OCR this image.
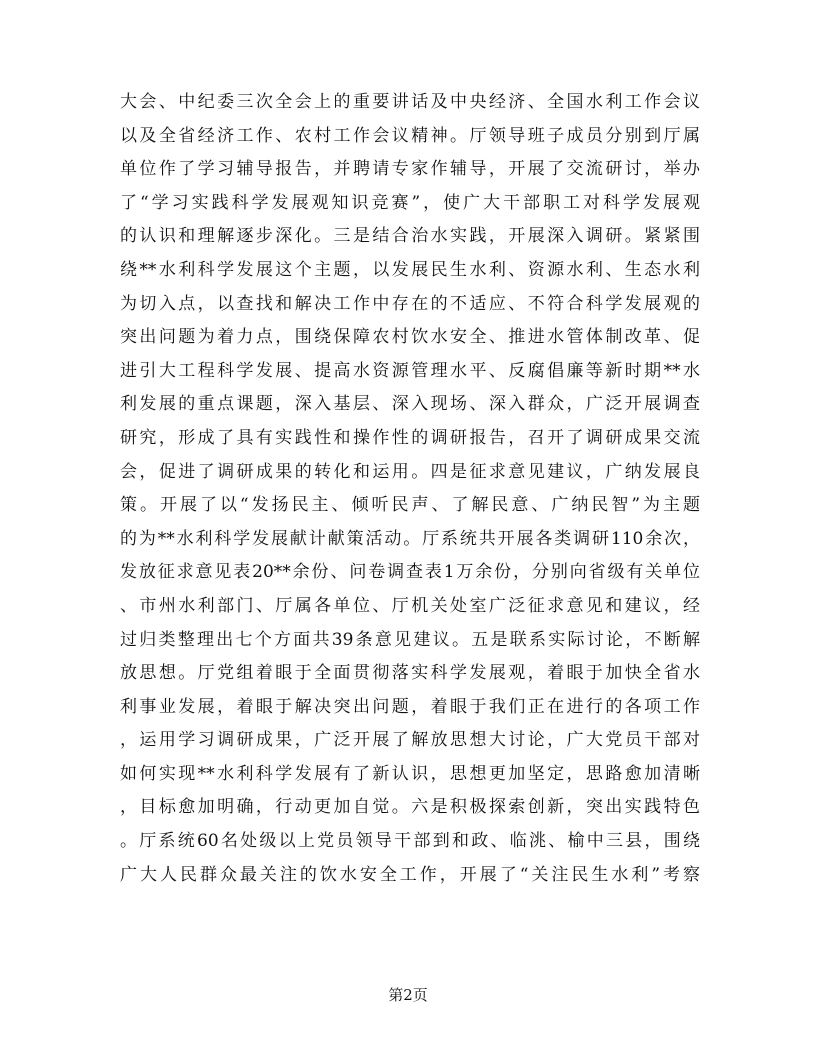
大会、中纪委三次全会上的重要讲话及中央经济、全国水利工作会议
以及全省经济工作、农村工作会议精神。厅领导班子成员分别到厅属
单位作了学习辅导报告，并聘请专家作辅导，开展了交流研讨，举办
了“学习实践科学发展观知识竞赛”，使广大干部职工对科学发展观
的认识和理解逐步深化。三是结合治水实践，开展深入调研。紧紧围
绕**水利科学发展这个主题，以发展民生水利、资源水利、生态水利
为切入点，以查找和解决工作中存在的不适应、不符合科学发展观的
突出问题为着力点，围绕保障农村饮水安全、推进水管体制改革、促
进引大工程科学发展、提高水资源管理水平、反腐倡廉等新时期**水
利发展的重点课题，深入基层、深入现场、深入群众，广泛开展调查
研究，形成了具有实践性和操作性的调研报告，召开了调研成果交流
会，促进了调研成果的转化和运用。四是征求意见建议，广纳发展良
策。开展了以“发扬民主、倾听民声、了解民意、广纳民智”为主题
的为**水利科学发展献计献策活动。厅系统共开展各类调研110余次，
发放征求意见表20**余份、问卷调查表1万余份，分别向省级有关单位
、市州水利部门、厅属各单位、厅机关处室广泛征求意见和建议，经
过归类整理出七个方面共39条意见建议。五是联系实际讨论，不断解
放思想。厅党组着眼于全面贯彻落实科学发展观，着眼于加快全省水
利事业发展，着眼于解决突出问题，着眼于我们正在进行的各项工作
，运用学习调研成果，广泛开展了解放思想大讨论，广大党员干部对
如何实现**水利科学发展有了新认识，思想更加坚定，思路愈加清晰
，目标愈加明确，行动更加自觉。六是积极探索创新，突出实践特色
。厅系统60名处级以上党员领导干部到和政、临洮、榆中三县，围绕
广大人民群众最关注的饮水安全工作，开展了“关注民生水利”考察
第2页
